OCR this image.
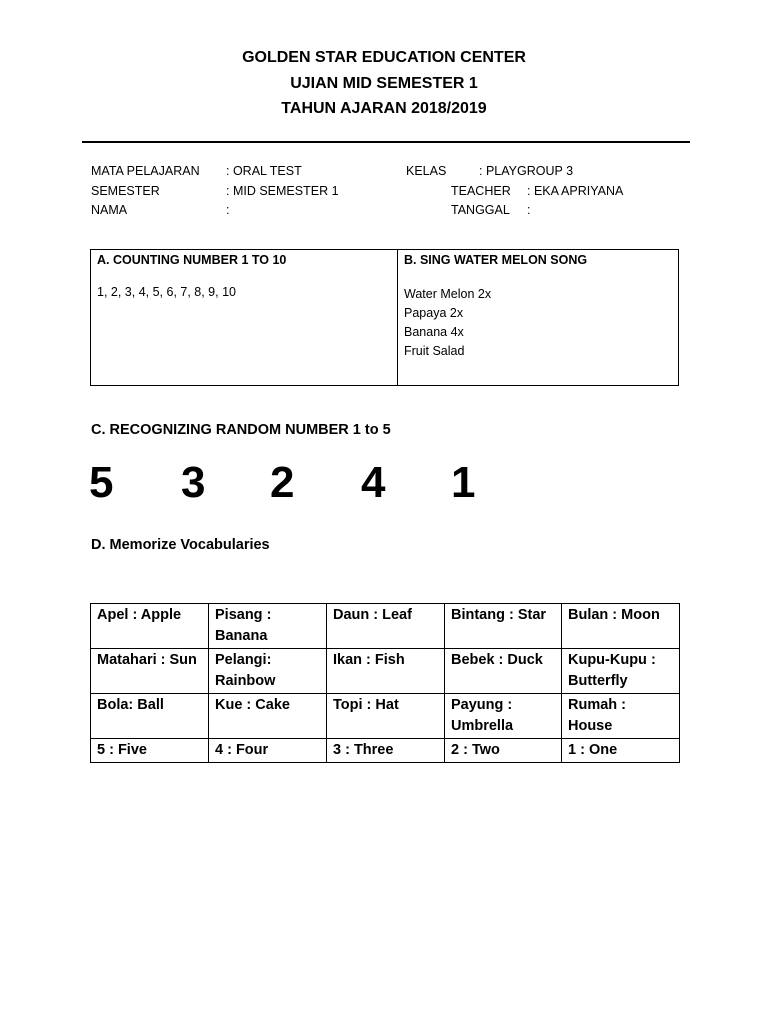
GOLDEN STAR EDUCATION CENTER
UJIAN MID SEMESTER 1
TAHUN AJARAN 2018/2019
MATA PELAJARAN : ORAL TEST
SEMESTER	: MID SEMESTER 1
NAMA	:
KELAS	: PLAYGROUP 3
TEACHER : EKA APRIYANA
TANGGAL :
A. COUNTING NUMBER 1 TO 10
1, 2, 3, 4, 5, 6, 7, 8, 9, 10	
B. SING WATER MELON SONG
Water Melon 2x
Papaya 2x
Banana 4x
Fruit Salad
C. RECOGNIZING RANDOM NUMBER 1 to 5
5 3 2 4 1
D. Memorize Vocabularies
Apel : Apple	Pisang : Banana	Daun : Leaf	Bintang : Star	Bulan : Moon
Matahari : Sun	Pelangi: Rainbow	Ikan : Fish	Bebek : Duck	Kupu-Kupu : Butterfly
Bola: Ball	Kue : Cake	Topi : Hat	Payung : Umbrella	Rumah : House
5 : Five	4 : Four	3 : Three	2 : Two	1 : One
